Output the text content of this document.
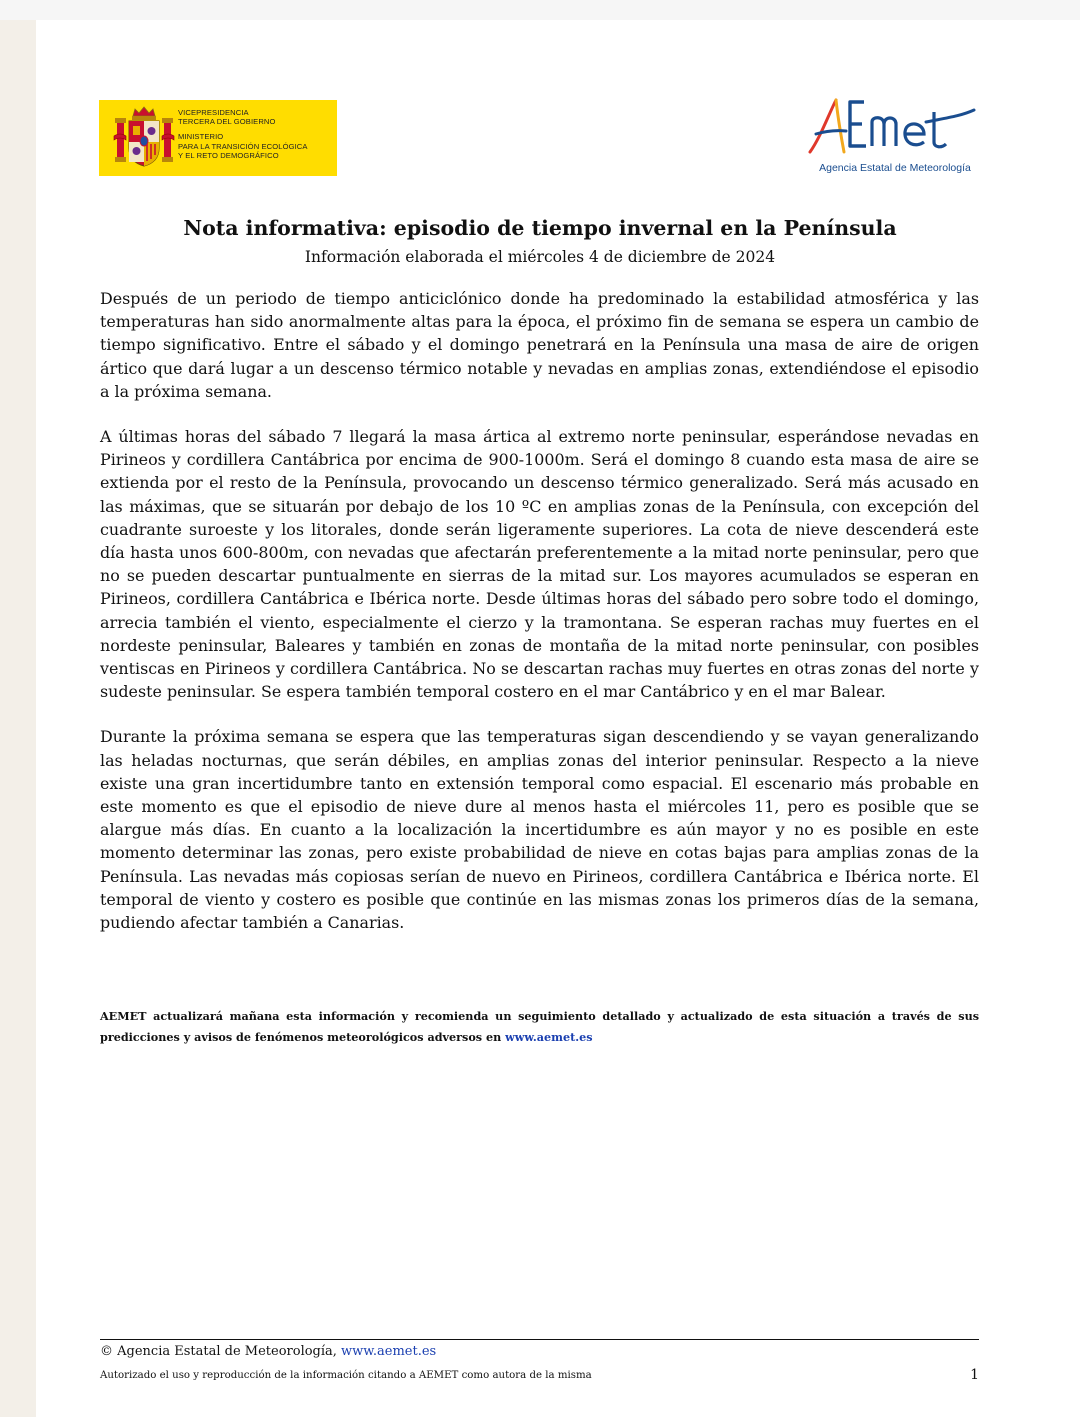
VICEPRESIDENCIA
TERCERA DEL GOBIERNO
MINISTERIO
PARA LA TRANSICIÓN ECOLÓGICA
Y EL RETO DEMOGRÁFICO
Agencia Estatal de Meteorología
Nota informativa: episodio de tiempo invernal en la Península
Información elaborada el miércoles 4 de diciembre de 2024

Después de un periodo de tiempo anticiclónico donde ha predominado la estabilidad atmosférica y las temperaturas han sido anormalmente altas para la época, el próximo fin de semana se espera un cambio de tiempo significativo. Entre el sábado y el domingo penetrará en la Península una masa de aire de origen ártico que dará lugar a un descenso térmico notable y nevadas en amplias zonas, extendiéndose el episodio a la próxima semana.

A últimas horas del sábado 7 llegará la masa ártica al extremo norte peninsular, esperándose nevadas en Pirineos y cordillera Cantábrica por encima de 900-1000m. Será el domingo 8 cuando esta masa de aire se extienda por el resto de la Península, provocando un descenso térmico generalizado. Será más acusado en las máximas, que se situarán por debajo de los 10 ºC en amplias zonas de la Península, con excepción del cuadrante suroeste y los litorales, donde serán ligeramente superiores. La cota de nieve descenderá este día hasta unos 600-800m, con nevadas que afectarán preferentemente a la mitad norte peninsular, pero que no se pueden descartar puntualmente en sierras de la mitad sur. Los mayores acumulados se esperan en Pirineos, cordillera Cantábrica e Ibérica norte. Desde últimas horas del sábado pero sobre todo el domingo, arrecia también el viento, especialmente el cierzo y la tramontana. Se esperan rachas muy fuertes en el nordeste peninsular, Baleares y también en zonas de montaña de la mitad norte peninsular, con posibles ventiscas en Pirineos y cordillera Cantábrica. No se descartan rachas muy fuertes en otras zonas del norte y sudeste peninsular. Se espera también temporal costero en el mar Cantábrico y en el mar Balear.

Durante la próxima semana se espera que las temperaturas sigan descendiendo y se vayan generalizando las heladas nocturnas, que serán débiles, en amplias zonas del interior peninsular. Respecto a la nieve existe una gran incertidumbre tanto en extensión temporal como espacial. El escenario más probable en este momento es que el episodio de nieve dure al menos hasta el miércoles 11, pero es posible que se alargue más días. En cuanto a la localización la incertidumbre es aún mayor y no es posible en este momento determinar las zonas, pero existe probabilidad de nieve en cotas bajas para amplias zonas de la Península. Las nevadas más copiosas serían de nuevo en Pirineos, cordillera Cantábrica e Ibérica norte. El temporal de viento y costero es posible que continúe en las mismas zonas los primeros días de la semana, pudiendo afectar también a Canarias.

AEMET actualizará mañana esta información y recomienda un seguimiento detallado y actualizado de esta situación a través de sus predicciones y avisos de fenómenos meteorológicos adversos en www.aemet.es
© Agencia Estatal de Meteorología, www.aemet.es
Autorizado el uso y reproducción de la información citando a AEMET como autora de la misma	1
